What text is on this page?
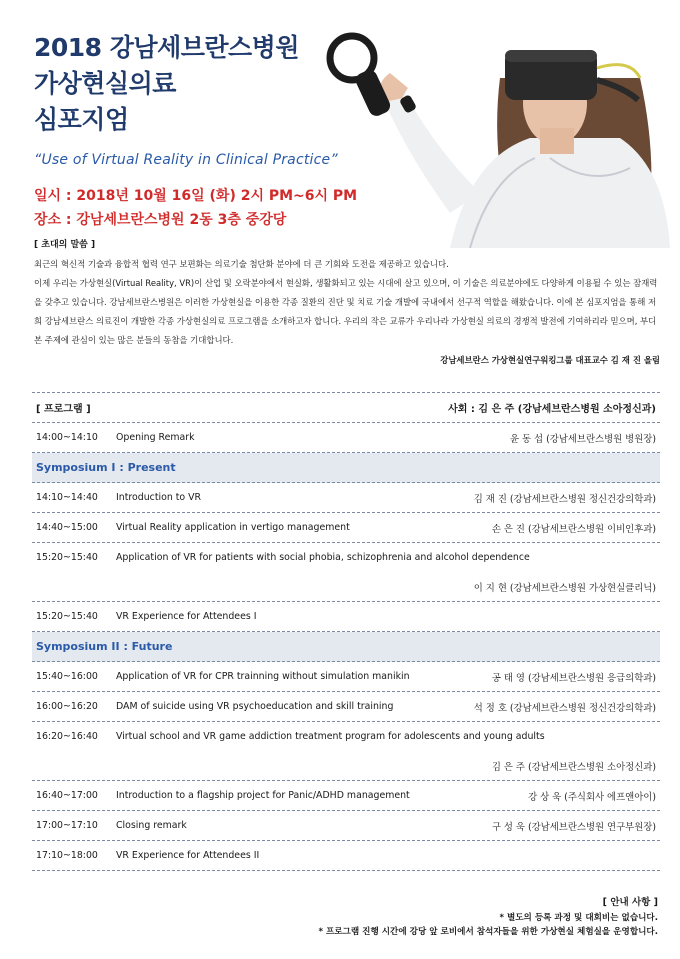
2018 강남세브란스병원
가상현실의료
심포지엄
“Use of Virtual Reality in Clinical Practice”
일시 : 2018년 10월 16일 (화) 2시 PM~6시 PM
장소 : 강남세브란스병원 2동 3층 중강당

[ 초대의 말씀 ]

최근의 혁신적 기술과 융합적 협력 연구 보편화는 의료기술 첨단화 분야에 더 큰 기회와 도전을 제공하고 있습니다.

이제 우리는 가상현실(Virtual Reality, VR)이 산업 및 오락분야에서 현실화, 생활화되고 있는 시대에 살고 있으며, 이 기술은 의료분야에도 다양하게 이용될 수 있는 잠재력을 갖추고 있습니다. 강남세브란스병원은 이러한 가상현실을 이용한 각종 질환의 진단 및 치료 기술 개발에 국내에서 선구적 역할을 해왔습니다. 이에 본 심포지엄을 통해 저희 강남세브란스 의료진이 개발한 각종 가상현실의료 프로그램을 소개하고자 합니다. 우리의 작은 교류가 우리나라 가상현실 의료의 경쟁적 발전에 기여하리라 믿으며, 부디 본 주제에 관심이 있는 많은 분들의 동참을 기대합니다.

강남세브란스 가상현실연구워킹그룹 대표교수 김 재 진 올림

[ 프로그램 ]	사회 : 김 은 주 (강남세브란스병원 소아정신과)
14:00~14:10	Opening Remark	윤 동 섭 (강남세브란스병원 병원장)
Symposium I : Present
14:10~14:40	Introduction to VR	김 재 진 (강남세브란스병원 정신건강의학과)
14:40~15:00	Virtual Reality application in vertigo management	손 은 진 (강남세브란스병원 이비인후과)
15:20~15:40	Application of VR for patients with social phobia, schizophrenia and alcohol dependence
이 지 현 (강남세브란스병원 가상현실클리닉)
15:20~15:40	VR Experience for Attendees I
Symposium II : Future
15:40~16:00	Application of VR for CPR trainning without simulation manikin	공 태 영 (강남세브란스병원 응급의학과)
16:00~16:20	DAM of suicide using VR psychoeducation and skill training	석 정 호 (강남세브란스병원 정신건강의학과)
16:20~16:40	Virtual school and VR game addiction treatment program for adolescents and young adults
김 은 주 (강남세브란스병원 소아정신과)
16:40~17:00	Introduction to a flagship project for Panic/ADHD management	강 상 욱 (주식회사 에프앤아이)
17:00~17:10	Closing remark	구 성 욱 (강남세브란스병원 연구부원장)
17:10~18:00	VR Experience for Attendees II
[ 안내 사항 ]
* 별도의 등록 과정 및 대회비는 없습니다.
* 프로그램 진행 시간에 강당 앞 로비에서 참석자들을 위한 가상현실 체험실을 운영합니다.
